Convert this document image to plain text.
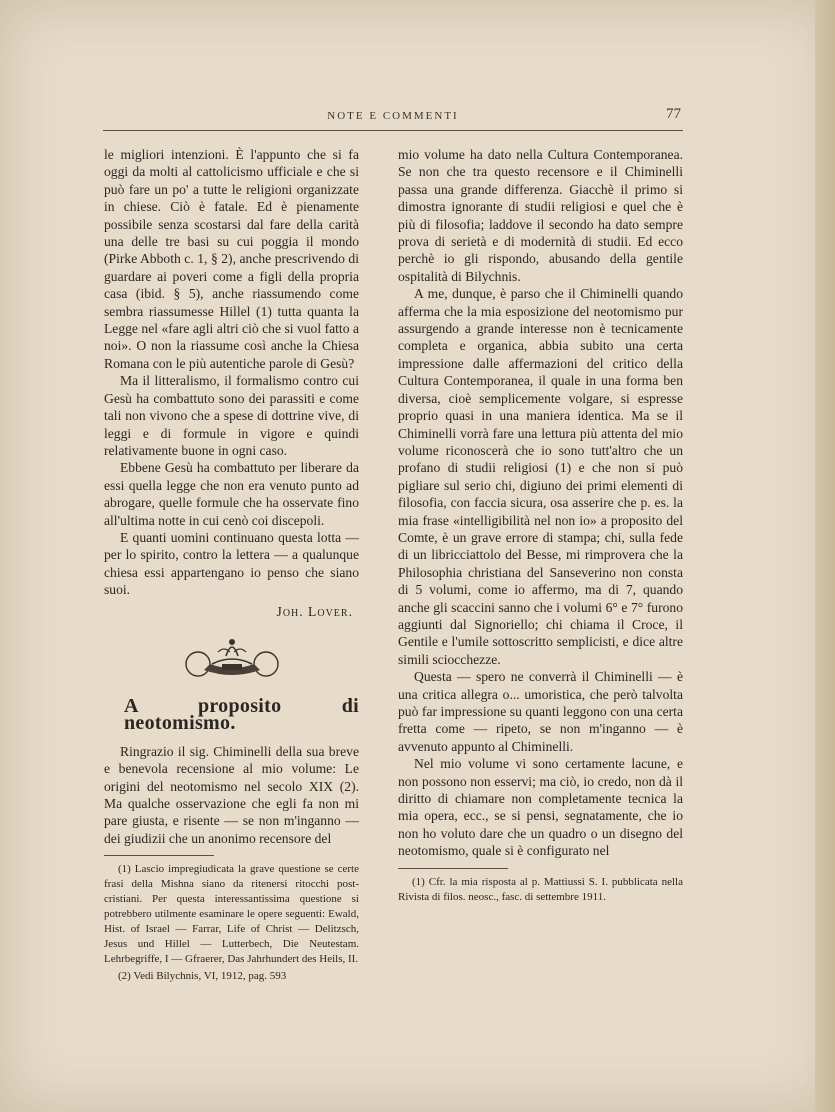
NOTE E COMMENTI	77

le migliori intenzioni. È l'appunto che si fa oggi da molti al cattolicismo ufficiale e che si può fare un po' a tutte le religioni organizzate in chiese. Ciò è fatale. Ed è pienamente possibile senza scostarsi dal fare della carità una delle tre basi su cui poggia il mondo (Pirke Abboth c. 1, § 2), anche prescrivendo di guardare ai poveri come a figli della propria casa (ibid. § 5), anche riassumendo come sembra riassumesse Hillel (1) tutta quanta la Legge nel «fare agli altri ciò che si vuol fatto a noi». O non la riassume così anche la Chiesa Romana con le più autentiche parole di Gesù?

Ma il litteralismo, il formalismo contro cui Gesù ha combattuto sono dei parassiti e come tali non vivono che a spese di dottrine vive, di leggi e di formule in vigore e quindi relativamente buone in ogni caso.

Ebbene Gesù ha combattuto per liberare da essi quella legge che non era venuto punto ad abrogare, quelle formule che ha osservate fino all'ultima notte in cui cenò coi discepoli.

E quanti uomini continuano questa lotta — per lo spirito, contro la lettera — a qualunque chiesa essi appartengano io penso che siano suoi.

Joh. Lover.

A proposito di neotomismo.

Ringrazio il sig. Chiminelli della sua breve e benevola recensione al mio volume: Le origini del neotomismo nel secolo XIX (2). Ma qualche osservazione che egli fa non mi pare giusta, e risente — se non m'inganno — dei giudizii che un anonimo recensore del

(1) Lascio impregiudicata la grave questione se certe frasi della Mishna siano da ritenersi ritocchi post-cristiani. Per questa interessantissima questione si potrebbero utilmente esaminare le opere seguenti: Ewald, Hist. of Israel — Farrar, Life of Christ — Delitzsch, Jesus und Hillel — Lutterbech, Die Neutestam. Lehrbegriffe, I — Gfraerer, Das Jahrhundert des Heils, II.

(2) Vedi Bilychnis, VI, 1912, pag. 593

mio volume ha dato nella Cultura Contemporanea. Se non che tra questo recensore e il Chiminelli passa una grande differenza. Giacchè il primo si dimostra ignorante di studii religiosi e quel che è più di filosofia; laddove il secondo ha dato sempre prova di serietà e di modernità di studii. Ed ecco perchè io gli rispondo, abusando della gentile ospitalità di Bilychnis.

A me, dunque, è parso che il Chiminelli quando afferma che la mia esposizione del neotomismo pur assurgendo a grande interesse non è tecnicamente completa e organica, abbia subito una certa impressione dalle affermazioni del critico della Cultura Contemporanea, il quale in una forma ben diversa, cioè semplicemente volgare, si espresse proprio quasi in una maniera identica. Ma se il Chiminelli vorrà fare una lettura più attenta del mio volume riconoscerà che io sono tutt'altro che un profano di studii religiosi (1) e che non si può pigliare sul serio chi, digiuno dei primi elementi di filosofia, con faccia sicura, osa asserire che p. es. la mia frase «intelligibilità nel non io» a proposito del Comte, è un grave errore di stampa; chi, sulla fede di un libricciattolo del Besse, mi rimprovera che la Philosophia christiana del Sanseverino non consta di 5 volumi, come io affermo, ma di 7, quando anche gli scaccini sanno che i volumi 6° e 7° furono aggiunti dal Signoriello; chi chiama il Croce, il Gentile e l'umile sottoscritto semplicisti, e dice altre simili sciocchezze.

Questa — spero ne converrà il Chiminelli — è una critica allegra o... umoristica, che però talvolta può far impressione su quanti leggono con una certa fretta come — ripeto, se non m'inganno — è avvenuto appunto al Chiminelli.

Nel mio volume vi sono certamente lacune, e non possono non esservi; ma ciò, io credo, non dà il diritto di chiamare non completamente tecnica la mia opera, ecc., se si pensi, segnatamente, che io non ho voluto dare che un quadro o un disegno del neotomismo, quale si è configurato nel

(1) Cfr. la mia risposta al p. Mattiussi S. I. pubblicata nella Rivista di filos. neosc., fasc. di settembre 1911.
